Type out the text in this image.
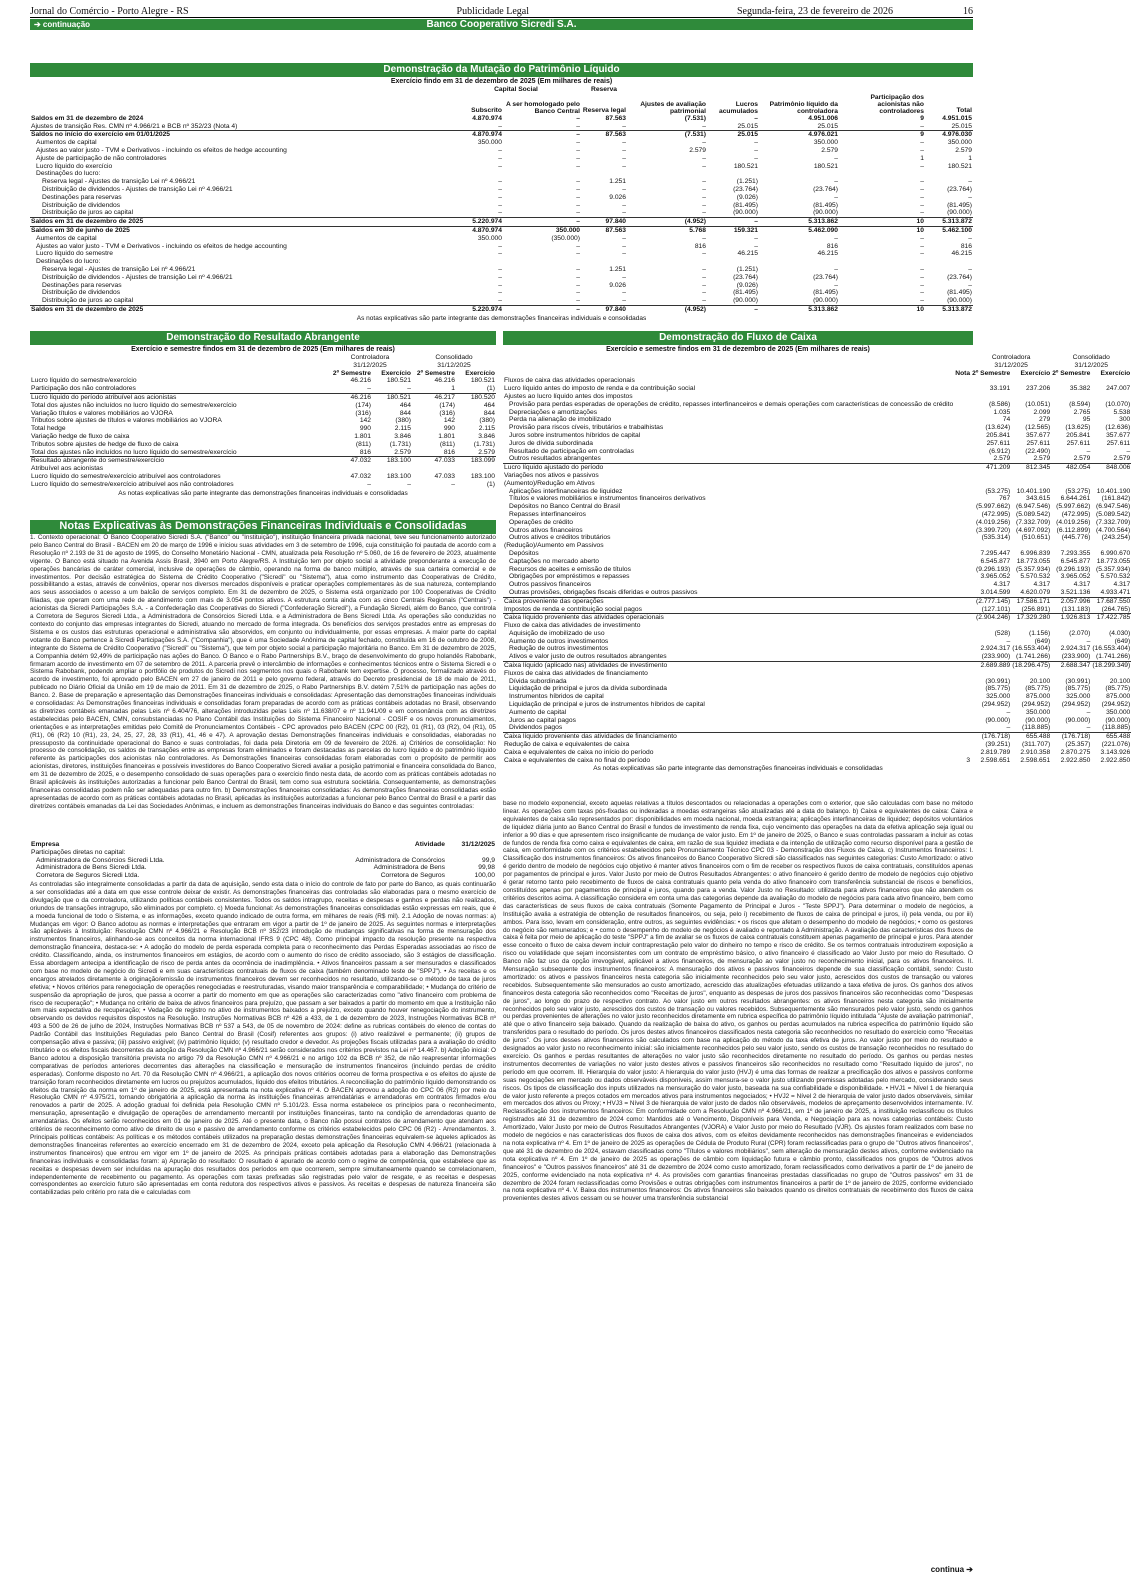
Jornal do Comércio - Porto Alegre - RS	Publicidade Legal	Segunda-feira, 23 de fevereiro de 2026	16
Banco Cooperativo Sicredi S.A.
➔ continuação
Demonstração da Mutação do Patrimônio Líquido
Exercício findo em 31 de dezembro de 2025 (Em milhares de reais)
	Capital Social		Reserva					
	Subscrito	A ser homologado pelo Banco Central	Reserva legal	Ajustes de avaliação patrimonial	Lucros acumulados	Patrimônio líquido da controladora	Participação dos acionistas não controladores	Total
Saldos em 31 de dezembro de 2024	4.870.974	–	87.563	(7.531)	–	4.951.006	9	4.951.015
Ajustes de transição Res. CMN nº 4.966/21 e BCB nº 352/23 (Nota 4)	–	–	–	–	25.015	25.015	–	25.015
Saldos no início do exercício em 01/01/2025	4.870.974	–	87.563	(7.531)	25.015	4.976.021	9	4.976.030
Aumentos de capital	350.000	–	–	–	–	350.000	–	350.000
Ajustes ao valor justo - TVM e Derivativos - incluindo os efeitos de hedge accounting	–	–	–	2.579	–	2.579	–	2.579
Ajuste de participação de não controladores	–	–	–	–	–	–	1	1
Lucro líquido do exercício	–	–	–	–	180.521	180.521	–	180.521
Destinações do lucro:								
Reserva legal - Ajustes de transição Lei nº 4.966/21	–	–	1.251	–	(1.251)	–	–	–
Distribuição de dividendos - Ajustes de transição Lei nº 4.966/21	–	–	–	–	(23.764)	(23.764)	–	(23.764)
Destinações para reservas	–	–	9.026	–	(9.026)	–	–	–
Distribuição de dividendos	–	–	–	–	(81.495)	(81.495)	–	(81.495)
Distribuição de juros ao capital	–	–	–	–	(90.000)	(90.000)	–	(90.000)
Saldos em 31 de dezembro de 2025	5.220.974	–	97.840	(4.952)	–	5.313.862	10	5.313.872
Saldos em 30 de junho de 2025	4.870.974	350.000	87.563	5.768	159.321	5.462.090	10	5.462.100
Aumentos de capital	350.000	(350.000)	–	–	–	–	–	–
Ajustes ao valor justo - TVM e Derivativos - incluindo os efeitos de hedge accounting	–	–	–	816	–	816	–	816
Lucro líquido do semestre	–	–	–	–	46.215	46.215	–	46.215
Destinações do lucro:								
Reserva legal - Ajustes de transição Lei nº 4.966/21	–	–	1.251	–	(1.251)	–	–	–
Distribuição de dividendos - Ajustes de transição Lei nº 4.966/21	–	–	–	–	(23.764)	(23.764)	–	(23.764)
Destinações para reservas	–	–	9.026	–	(9.026)	–	–	–
Distribuição de dividendos	–	–	–	–	(81.495)	(81.495)	–	(81.495)
Distribuição de juros ao capital	–	–	–	–	(90.000)	(90.000)	–	(90.000)
Saldos em 31 de dezembro de 2025	5.220.974	–	97.840	(4.952)	–	5.313.862	10	5.313.872
As notas explicativas são parte integrante das demonstrações financeiras individuais e consolidadas
Demonstração do Resultado Abrangente
Exercício e semestre findos em 31 de dezembro de 2025 (Em milhares de reais)
	Controladora		Consolidado	
	31/12/2025		31/12/2025	
	2º Semestre	Exercício	2º Semestre	Exercício
Lucro líquido do semestre/exercício	46.216	180.521	46.216	180.521
Participação dos não controladores	–	–	1	(1)
Lucro líquido do período atribuível aos acionistas	46.216	180.521	46.217	180.520
Total dos ajustes não incluídos no lucro líquido do semestre/exercício	(174)	464	(174)	464
Variação títulos e valores mobiliários ao VJORA	(316)	844	(316)	844
Tributos sobre ajustes de títulos e valores mobiliários ao VJORA	142	(380)	142	(380)
Total hedge	990	2.115	990	2.115
Variação hedge de fluxo de caixa	1.801	3.846	1.801	3.846
Tributos sobre ajustes de hedge de fluxo de caixa	(811)	(1.731)	(811)	(1.731)
Total dos ajustes não incluídos no lucro líquido do semestre/exercício	816	2.579	816	2.579
Resultado abrangente do semestre/exercício	47.032	183.100	47.033	183.099
Atribuível aos acionistas				
Lucro líquido do semestre/exercício atribuível aos controladores	47.032	183.100	47.033	183.100
Lucro líquido do semestre/exercício atribuível aos não controladores	–	–	–	(1)
As notas explicativas são parte integrante das demonstrações financeiras individuais e consolidadas
Notas Explicativas às Demonstrações Financeiras Individuais e Consolidadas
1. Contexto operacional: O Banco Cooperativo Sicredi S.A. ("Banco" ou "Instituição"), instituição financeira privada nacional, teve seu funcionamento autorizado pelo Banco Central do Brasil - BACEN em 20 de março de 1996 e iniciou suas atividades em 3 de setembro de 1996, cuja constituição foi pautada de acordo com a Resolução nº 2.193 de 31 de agosto de 1995, do Conselho Monetário Nacional - CMN, atualizada pela Resolução nº 5.060, de 16 de fevereiro de 2023, atualmente vigente. O Banco está situado na Avenida Assis Brasil, 3940 em Porto Alegre/RS. A Instituição tem por objeto social a atividade preponderante a execução de operações bancárias de caráter comercial, inclusive de operações de câmbio, operando na forma de banco múltiplo, através de sua carteira comercial e de investimentos. Por decisão estratégica do Sistema de Crédito Cooperativo ("Sicredi" ou "Sistema"), atua como instrumento das Cooperativas de Crédito, possibilitando a estas, através de convênios, operar nos diversos mercados disponíveis e praticar operações complementares às de sua natureza, contemplando aos seus associados o acesso a um balcão de serviços completo. Em 31 de dezembro de 2025, o Sistema está organizado por 100 Cooperativas de Crédito filiadas, que operam com uma rede de atendimento com mais de 3.054 pontos ativos. A estrutura conta ainda com as cinco Centrais Regionais ("Centrais") - acionistas da Sicredi Participações S.A. - a Confederação das Cooperativas do Sicredi ("Confederação Sicredi"), a Fundação Sicredi, além do Banco, que controla a Corretora de Seguros Sicredi Ltda., a Administradora de Consórcios Sicredi Ltda. e a Administradora de Bens Sicredi Ltda. As operações são conduzidas no contexto do conjunto das empresas integrantes do Sicredi, atuando no mercado de forma integrada. Os benefícios dos serviços prestados entre as empresas do Sistema e os custos das estruturas operacional e administrativa são absorvidos, em conjunto ou individualmente, por essas empresas. A maior parte do capital votante do Banco pertence à Sicredi Participações S.A. ("Companhia"), que é uma Sociedade Anônima de capital fechado, constituída em 16 de outubro de 2008, integrante do Sistema de Crédito Cooperativo ("Sicredi" ou "Sistema"), que tem por objeto social a participação majoritária no Banco. Em 31 de dezembro de 2025, a Companhia detém 92,49% de participação nas ações do Banco. O Banco e o Rabo Partnerships B.V., braço de desenvolvimento do grupo holandês Rabobank, firmaram acordo de investimento em 07 de setembro de 2011. A parceria prevê o intercâmbio de informações e conhecimentos técnicos entre o Sistema Sicredi e o Sistema Rabobank, podendo ampliar o portfólio de produtos do Sicredi nos segmentos nos quais o Rabobank tem expertise. O processo, formalizado através do acordo de investimento, foi aprovado pelo BACEN em 27 de janeiro de 2011 e pelo governo federal, através do Decreto presidencial de 18 de maio de 2011, publicado no Diário Oficial da União em 19 de maio de 2011. Em 31 de dezembro de 2025, o Rabo Partnerships B.V. detém 7,51% de participação nas ações do Banco. 2. Base de preparação e apresentação das Demonstrações financeiras individuais e consolidadas: Apresentação das demonstrações financeiras individuais e consolidadas: As Demonstrações financeiras individuais e consolidadas foram preparadas de acordo com as práticas contábeis adotadas no Brasil, observando as diretrizes contábeis emanadas pelas Leis nº 6.404/76, alterações introduzidas pelas Leis nº 11.638/07 e nº 11.941/09 e em consonância com as diretrizes estabelecidas pelo BACEN, CMN, consubstanciadas no Plano Contábil das Instituições do Sistema Financeiro Nacional - COSIF e os novos pronunciamentos, orientações e as interpretações emitidas pelo Comitê de Pronunciamentos Contábeis - CPC aprovados pelo BACEN (CPC 00 (R2), 01 (R1), 03 (R2), 04 (R1), 05 (R1), 06 (R2) 10 (R1), 23, 24, 25, 27, 28, 33 (R1), 41, 46 e 47). A aprovação destas Demonstrações financeiras individuais e consolidadas, elaboradas no pressuposto da continuidade operacional do Banco e suas controladas, foi dada pela Diretoria em 09 de fevereiro de 2026. a) Critérios de consolidação: No processo de consolidação, os saldos de transações entre as empresas foram eliminados e foram destacadas as parcelas do lucro líquido e do patrimônio líquido referente às participações dos acionistas não controladores. As Demonstrações financeiras consolidadas foram elaboradas com o propósito de permitir aos acionistas, diretores, instituições financeiras e possíveis investidores do Banco Cooperativo Sicredi avaliar a posição patrimonial e financeira consolidada do Banco, em 31 de dezembro de 2025, e o desempenho consolidado de suas operações para o exercício findo nesta data, de acordo com as práticas contábeis adotadas no Brasil aplicáveis às instituições autorizadas a funcionar pelo Banco Central do Brasil, tem como sua estrutura societária. Consequentemente, as demonstrações financeiras consolidadas podem não ser adequadas para outro fim. b) Demonstrações financeiras consolidadas: As demonstrações financeiras consolidadas estão apresentadas de acordo com as práticas contábeis adotadas no Brasil, aplicadas às instituições autorizadas a funcionar pelo Banco Central do Brasil e a partir das diretrizes contábeis emanadas da Lei das Sociedades Anônimas, e incluem as demonstrações financeiras individuais do Banco e das seguintes controladas:
Empresa	Atividade	31/12/2025
Participações diretas no capital:		
Administradora de Consórcios Sicredi Ltda.	Administradora de Consórcios	99,9
Administradora de Bens Sicredi Ltda.	Administradora de Bens	99,98
Corretora de Seguros Sicredi Ltda.	Corretora de Seguros	100,00
As controladas são integralmente consolidadas a partir da data de aquisição, sendo esta data o início do controle de fato por parte do Banco, as quais continuarão a ser consolidadas até a data em que esse controle deixar de existir. As demonstrações financeiras das controladas são elaboradas para o mesmo exercício de divulgação que o da controladora, utilizando políticas contábeis consistentes. Todos os saldos intragrupo, receitas e despesas e ganhos e perdas não realizados, oriundos de transações intragrupo, são eliminados por completo. c) Moeda funcional: As demonstrações financeiras consolidadas estão expressas em reais, que é a moeda funcional de todo o Sistema, e as informações, exceto quando indicado de outra forma, em milhares de reais (R$ mil). 2.1 Adoção de novas normas: a) Mudanças em vigor: O Banco adotou as normas e interpretações que entraram em vigor a partir de 1º de janeiro de 2025. As seguintes normas e interpretações são aplicáveis à Instituição: Resolução CMN nº 4.966/21 e Resolução BCB nº 352/23 introdução de mudanças significativas na forma de mensuração dos instrumentos financeiros, alinhando-se aos conceitos da norma internacional IFRS 9 (CPC 48). Como principal impacto da resolução presente na respectiva demonstração financeira, destaca-se: • A adoção do modelo de perda esperada completa para o reconhecimento das Perdas Esperadas associadas ao risco de crédito. Classificando, ainda, os instrumentos financeiros em estágios, de acordo com o aumento do risco de crédito associado, são 3 estágios de classificação. Essa abordagem antecipa a identificação de risco de perda antes da ocorrência de inadimplência. • Ativos financeiros passam a ser mensurados e classificados com base no modelo de negócio do Sicredi e em suas características contratuais de fluxos de caixa (também denominado teste de "SPPJ"). • As receitas e os encargos atrelados diretamente à originação/emissão de instrumentos financeiros devem ser reconhecidos no resultado, utilizando-se o método de taxa de juros efetiva; • Novos critérios para renegociação de operações renegociadas e reestruturadas, visando maior transparência e comparabilidade; • Mudança do critério de suspensão da apropriação de juros, que passa a ocorrer a partir do momento em que as operações são caracterizadas como "ativo financeiro com problema de risco de recuperação"; • Mudança no critério de baixa de ativos financeiros para prejuízo, que passam a ser baixados a partir do momento em que a Instituição não tem mais expectativa de recuperação; • Vedação de registro no ativo de instrumentos baixados a prejuízo, exceto quando houver renegociação do instrumento, observando os devidos requisitos dispostos na Resolução. Instruções Normativas BCB nº 426 a 433, de 1 de dezembro de 2023, Instruções Normativas BCB nº 493 a 500 de 26 de julho de 2024, Instruções Normativas BCB nº 537 a 543, de 05 de novembro de 2024: define as rubricas contábeis do elenco de contas do Padrão Contábil das Instituições Reguladas pelo Banco Central do Brasil (Cosif) referentes aos grupos: (i) ativo realizável e permanente; (ii) grupos de compensação ativa e passiva; (iii) passivo exigível; (iv) patrimônio líquido; (v) resultado credor e devedor. As projeções fiscais utilizadas para a avaliação do crédito tributário e os efeitos fiscais decorrentes da adoção da Resolução CMN nº 4.966/21 serão considerados nos critérios previstos na Lei nº 14.467. b) Adoção inicial: O Banco adotou a disposição transitória prevista no artigo 79 da Resolução CMN nº 4.966/21 e no artigo 102 da BCB nº 352, de não reapresentar informações comparativas de períodos anteriores decorrentes das alterações na classificação e mensuração de instrumentos financeiros (incluindo perdas de crédito esperadas). Conforme disposto no Art. 70 da Resolução CMN nº 4.966/21, a aplicação dos novos critérios ocorreu de forma prospectiva e os efeitos do ajuste de transição foram reconhecidos diretamente em lucros ou prejuízos acumulados, líquido dos efeitos tributários. A reconciliação do patrimônio líquido demonstrando os efeitos da transição da norma em 1º de janeiro de 2025, está apresentada na nota explicativa nº 4. O BACEN aprovou a adoção do CPC 06 (R2) por meio da Resolução CMN nº 4.975/21, tornando obrigatória a aplicação da norma às instituições financeiras arrendatárias e arrendadoras em contratos firmados e/ou renovados a partir de 2025. A adoção gradual foi definida pela Resolução CMN nº 5.101/23. Essa norma estabelece os princípios para o reconhecimento, mensuração, apresentação e divulgação de operações de arrendamento mercantil por instituições financeiras, tanto na condição de arrendadoras quanto de arrendatárias. Os efeitos serão reconhecidos em 01 de janeiro de 2025. Até o presente data, o Banco não possui contratos de arrendamento que atendam aos critérios de reconhecimento como ativo de direito de uso e passivo de arrendamento conforme os critérios estabelecidos pelo CPC 06 (R2) - Arrendamentos. 3. Principais políticas contábeis: As políticas e os métodos contábeis utilizados na preparação destas demonstrações financeiras equivalem-se àqueles aplicados às demonstrações financeiras referentes ao exercício encerrado em 31 de dezembro de 2024, exceto pela aplicação da Resolução CMN 4.966/21 (relacionada à instrumentos financeiros) que entrou em vigor em 1º de janeiro de 2025. As principais práticas contábeis adotadas para a elaboração das Demonstrações financeiras individuais e consolidadas foram: a) Apuração do resultado: O resultado é apurado de acordo com o regime de competência, que estabelece que as receitas e despesas devem ser incluídas na apuração dos resultados dos períodos em que ocorrerem, sempre simultaneamente quando se correlacionarem, independentemente de recebimento ou pagamento. As operações com taxas prefixadas são registradas pelo valor de resgate, e as receitas e despesas correspondentes ao exercício futuro são apresentadas em conta redutora dos respectivos ativos e passivos. As receitas e despesas de natureza financeira são contabilizadas pelo critério pro rata die e calculadas com
Demonstração do Fluxo de Caixa
Exercício e semestre findos em 31 de dezembro de 2025 (Em milhares de reais)
		Controladora		Consolidado	
		31/12/2025		31/12/2025	
	Nota	2º Semestre	Exercício	2º Semestre	Exercício
Fluxos de caixa das atividades operacionais					
Lucro líquido antes do imposto de renda e da contribuição social		33.191	237.206	35.382	247.007
Ajustes ao lucro líquido antes dos impostos					
Provisão para perdas esperadas de operações de crédito, repasses interfinanceiros e demais operações com características de concessão de crédito		(8.586)	(10.051)	(8.594)	(10.070)
Depreciações e amortizações		1.035	2.099	2.765	5.538
Perda na alienação de imobilizado		74	279	95	300
Provisão para riscos cíveis, tributários e trabalhistas		(13.624)	(12.565)	(13.625)	(12.636)
Juros sobre instrumentos híbridos de capital		205.841	357.677	205.841	357.677
Juros de dívida subordinada		257.611	257.611	257.611	257.611
Resultado de participação em controladas		(6.912)	(22.490)	–	–
Outros resultados abrangentes		2.579	2.579	2.579	2.579
Lucro líquido ajustado do período		471.209	812.345	482.054	848.006
Variações nos ativos e passivos					
(Aumento)/Redução em Ativos					
Aplicações interfinanceiras de liquidez		(53.275)	10.401.190	(53.275)	10.401.190
Títulos e valores mobiliários e instrumentos financeiros derivativos		767	343.615	6.644.261	(161.842)
Depósitos no Banco Central do Brasil		(5.997.662)	(6.947.546)	(5.997.662)	(6.947.546)
Repasses interfinanceiros		(472.995)	(5.089.542)	(472.995)	(5.089.542)
Operações de crédito		(4.019.256)	(7.332.709)	(4.019.256)	(7.332.709)
Outros ativos financeiros		(3.399.720)	(4.697.092)	(6.112.899)	(4.700.564)
Outros ativos e créditos tributários		(535.314)	(510.651)	(445.776)	(243.254)
(Redução)/Aumento em Passivos					
Depósitos		7.295.447	6.996.839	7.293.355	6.990.670
Captações no mercado aberto		6.545.877	18.773.055	6.545.877	18.773.055
Recursos de aceites e emissão de títulos		(9.296.193)	(5.357.934)	(9.296.193)	(5.357.934)
Obrigações por empréstimos e repasses		3.965.052	5.570.532	3.965.052	5.570.532
Outros passivos financeiros		4.317	4.317	4.317	4.317
Outras provisões, obrigações fiscais diferidas e outros passivos		3.014.599	4.620.079	3.521.136	4.933.471
Caixa proveniente das operações		(2.777.145)	17.586.171	2.057.996	17.687.550
Impostos de renda e contribuição social pagos		(127.101)	(256.891)	(131.183)	(264.765)
Caixa líquido proveniente das atividades operacionais		(2.904.246)	17.329.280	1.926.813	17.422.785
Fluxo de caixa das atividades de investimento					
Aquisição de imobilizado de uso		(528)	(1.156)	(2.070)	(4.030)
Aumento de outros investimentos		–	(649)	–	(649)
Redução de outros investimentos		2.924.317	(16.553.404)	2.924.317	(16.553.404)
Ativos e valor justo de outros resultados abrangentes		(233.900)	(1.741.266)	(233.900)	(1.741.266)
Caixa líquido (aplicado nas) atividades de investimento		2.689.889	(18.296.475)	2.688.347	(18.299.349)
Fluxos de caixa das atividades de financiamento					
Dívida subordinada		(30.991)	20.100	(30.991)	20.100
Liquidação de principal e juros da dívida subordinada		(85.775)	(85.775)	(85.775)	(85.775)
Instrumentos híbridos de capital		325.000	875.000	325.000	875.000
Liquidação de principal e juros de instrumentos híbridos de capital		(294.952)	(294.952)	(294.952)	(294.952)
Aumento de capital		–	350.000	–	350.000
Juros ao capital pagos		(90.000)	(90.000)	(90.000)	(90.000)
Dividendos pagos		–	(118.885)	–	(118.885)
Caixa líquido proveniente das atividades de financiamento		(176.718)	655.488	(176.718)	655.488
Redução de caixa e equivalentes de caixa		(39.251)	(311.707)	(25.357)	(221.076)
Caixa e equivalentes de caixa no início do período		2.819.789	2.910.358	2.870.275	3.143.926
Caixa e equivalentes de caixa no final do período	3	2.598.651	2.598.651	2.922.850	2.922.850
As notas explicativas são parte integrante das demonstrações financeiras individuais e consolidadas
base no modelo exponencial, exceto aquelas relativas a títulos descontados ou relacionadas a operações com o exterior, que são calculadas com base no método linear. As operações com taxas pós-fixadas ou indexadas a moedas estrangeiras são atualizadas até a data do balanço. b) Caixa e equivalentes de caixa: Caixa e equivalentes de caixa são representados por: disponibilidades em moeda nacional, moeda estrangeira; aplicações interfinanceiras de liquidez; depósitos voluntários de liquidez diária junto ao Banco Central do Brasil e fundos de investimento de renda fixa, cujo vencimento das operações na data da efetiva aplicação seja igual ou inferior a 90 dias e que apresentem risco insignificante de mudança de valor justo. Em 1º de janeiro de 2025, o Banco e suas controladas passaram a incluir as cotas de fundos de renda fixa como caixa e equivalentes de caixa, em razão de sua liquidez imediata e da intenção de utilização como recurso disponível para a gestão de caixa, em conformidade com os critérios estabelecidos pelo Pronunciamento Técnico CPC 03 - Demonstração dos Fluxos de Caixa. c) Instrumentos financeiros: I. Classificação dos instrumentos financeiros: Os ativos financeiros do Banco Cooperativo Sicredi são classificados nas seguintes categorias: Custo Amortizado: o ativo é gerido dentro de modelo de negócios cujo objetivo é manter ativos financeiros com o fim de receber os respectivos fluxos de caixa contratuais, constituídos apenas por pagamentos de principal e juros. Valor Justo por meio de Outros Resultados Abrangentes: o ativo financeiro é gerido dentro de modelo de negócios cujo objetivo é gerar retorno tanto pelo recebimento de fluxos de caixa contratuais quanto pela venda do ativo financeiro com transferência substancial de riscos e benefícios, constituídos apenas por pagamentos de principal e juros, quando para a venda. Valor Justo no Resultado: utilizada para ativos financeiros que não atendem os critérios descritos acima. A classificação considera em conta uma das categorias depende da avaliação do modelo de negócios para cada ativo financeiro, bem como das características de seus fluxos de caixa contratuais (Somente Pagamento de Principal e Juros - "Teste SPPJ"). Para determinar o modelo de negócios, a Instituição avalia a estratégia de obtenção de resultados financeiros, ou seja, pelo i) recebimento de fluxos de caixa de principal e juros, ii) pela venda, ou por iii) ambos. Para isso, levam em consideração, entre outros, as seguintes evidências: • os riscos que afetam o desempenho do modelo de negócios; • como os gestores do negócio são remunerados; e • como o desempenho do modelo de negócios é avaliado e reportado à Administração. A avaliação das características dos fluxos de caixa é feita por meio de aplicação do teste "SPPJ" a fim de avaliar se os fluxos de caixa contratuais constituem apenas pagamento de principal e juros. Para atender esse conceito o fluxo de caixa devem incluir contraprestação pelo valor do dinheiro no tempo e risco de crédito. Se os termos contratuais introduzirem exposição a risco ou volatilidade que sejam inconsistentes com um contrato de empréstimo básico, o ativo financeiro é classificado ao Valor Justo por meio do Resultado. O Banco não faz uso da opção irrevogável, aplicável a ativos financeiros, de mensuração ao valor justo no reconhecimento inicial, para os ativos financeiros. II. Mensuração subsequente dos instrumentos financeiros: A mensuração dos ativos e passivos financeiros depende de sua classificação contábil, sendo: Custo amortizado: os ativos e passivos financeiros nesta categoria são inicialmente reconhecidos pelo seu valor justo, acrescidos dos custos de transação ou valores recebidos. Subsequentemente são mensurados ao custo amortizado, acrescido das atualizações efetuadas utilizando a taxa efetiva de juros. Os ganhos dos ativos financeiros desta categoria são reconhecidos como "Receitas de juros", enquanto as despesas de juros dos passivos financeiros são reconhecidas como "Despesas de juros", ao longo do prazo de respectivo contrato. Ao valor justo em outros resultados abrangentes: os ativos financeiros nesta categoria são inicialmente reconhecidos pelo seu valor justo, acrescidos dos custos de transação ou valores recebidos. Subsequentemente são mensurados pelo valor justo, sendo os ganhos ou perdas provenientes de alterações no valor justo reconhecidos diretamente em rubrica específica do patrimônio líquido intitulada "Ajuste de avaliação patrimonial", até que o ativo financeiro seja baixado. Quando da realização de baixa do ativo, os ganhos ou perdas acumulados na rubrica específica do patrimônio líquido são transferidos para o resultado do período. Os juros destes ativos financeiros classificados nesta categoria são reconhecidos no resultado do exercício como "Receitas de juros". Os juros desses ativos financeiros são calculados com base na aplicação do método da taxa efetiva de juros. Ao valor justo por meio do resultado e designados ao valor justo no reconhecimento inicial: são inicialmente reconhecidos pelo seu valor justo, sendo os custos de transação reconhecidos no resultado do exercício. Os ganhos e perdas resultantes de alterações no valor justo são reconhecidos diretamente no resultado do período. Os ganhos ou perdas nestes instrumentos decorrentes de variações no valor justo destes ativos e passivos financeiros são reconhecidos no resultado como "Resultado líquido de juros", no período em que ocorrem. III. Hierarquia do valor justo: A hierarquia do valor justo (HVJ) é uma das formas de realizar a precificação dos ativos e passivos conforme suas negociações em mercado ou dados observáveis disponíveis, assim mensura-se o valor justo utilizando premissas adotadas pelo mercado, considerando seus riscos. Os tipos de classificação dos inputs utilizados na mensuração do valor justo, baseada na sua confiabilidade e disponibilidade. • HVJ1 = Nível 1 de hierarquia de valor justo referente a preços cotados em mercados ativos para instrumentos negociados; • HVJ2 = Nível 2 de hierarquia de valor justo dados observáveis, similar em mercados dos ativos ou Proxy; • HVJ3 = Nível 3 de hierarquia de valor justo de dados não observáveis, modelos de apreçamento desenvolvidos internamente. IV. Reclassificação dos instrumentos financeiros: Em conformidade com a Resolução CMN nº 4.966/21, em 1º de janeiro de 2025, a instituição reclassificou os títulos registrados até 31 de dezembro de 2024 como: Mantidos até o Vencimento, Disponíveis para Venda, e Negociação para as novas categorias contábeis: Custo Amortizado, Valor Justo por meio de Outros Resultados Abrangentes (VJORA) e Valor Justo por meio do Resultado (VJR). Os ajustes foram realizados com base no modelo de negócios e nas características dos fluxos de caixa dos ativos, com os efeitos devidamente reconhecidos nas demonstrações financeiras e evidenciados na nota explicativa nº 4. Em 1º de janeiro de 2025 as operações de Cédula de Produto Rural (CPR) foram reclassificadas para o grupo de "Outros ativos financeiros", que até 31 de dezembro de 2024, estavam classificadas como "Títulos e valores mobiliários", sem alteração de mensuração destes ativos, conforme evidenciado na nota explicativa nº 4. Em 1º de janeiro de 2025 as operações de câmbio com liquidação futura e câmbio pronto, classificados nos grupos de "Outros ativos financeiros" e "Outros passivos financeiros" até 31 de dezembro de 2024 como custo amortizado, foram reclassificados como derivativos a partir de 1º de janeiro de 2025, conforme evidenciado na nota explicativa nº 4. As provisões com garantias financeiras prestadas classificadas no grupo de "Outros passivos" em 31 de dezembro de 2024 foram reclassificadas como Provisões e outras obrigações com instrumentos financeiros a partir de 1º de janeiro de 2025, conforme evidenciado na nota explicativa nº 4. V. Baixa dos instrumentos financeiros: Os ativos financeiros são baixados quando os direitos contratuais de recebimento dos fluxos de caixa provenientes destes ativos cessam ou se houver uma transferência substancial
continua ➔
